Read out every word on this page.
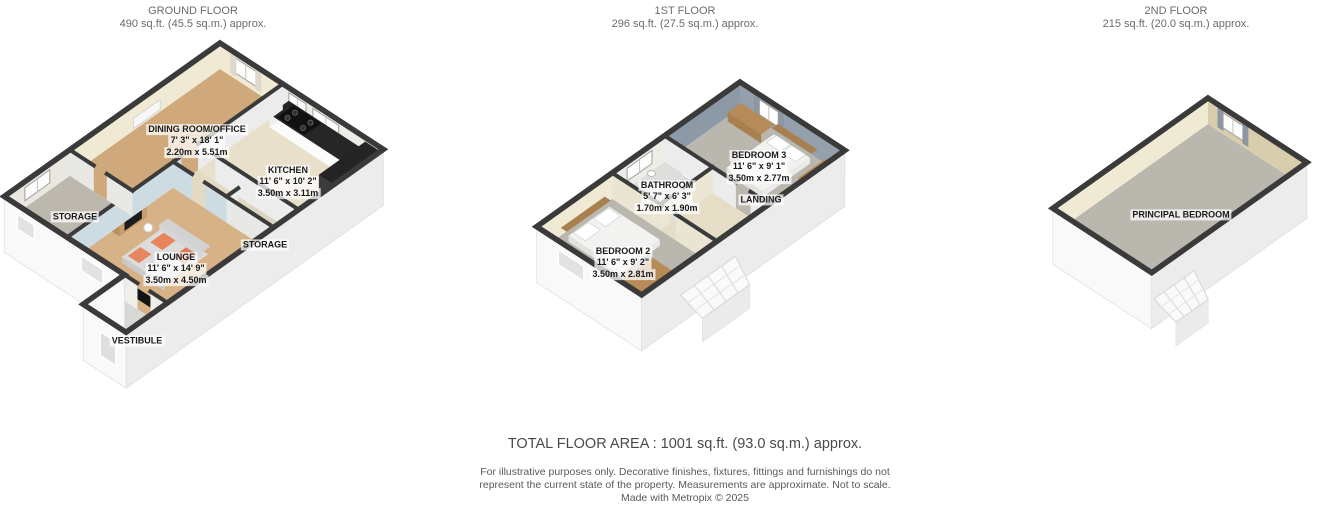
GROUND FLOOR
490 sq.ft. (45.5 sq.m.) approx.
1ST FLOOR
296 sq.ft. (27.5 sq.m.) approx.
2ND FLOOR
215 sq.ft. (20.0 sq.m.) approx.
DINING ROOM/OFFICE
7' 3" x 18' 1"
2.20m x 5.51m
KITCHEN
11' 6" x 10' 2"
3.50m x 3.11m
STORAGE
STORAGE
LOUNGE
11' 6" x 14' 9"
3.50m x 4.50m
VESTIBULE
BEDROOM 2
11' 6" x 9' 2"
3.50m x 2.81m
BATHROOM
5' 7" x 6' 3"
1.70m x 1.90m
BEDROOM 3
11' 6" x 9' 1"
3.50m x 2.77m
LANDING
PRINCIPAL BEDROOM
TOTAL FLOOR AREA : 1001 sq.ft. (93.0 sq.m.) approx.
For illustrative purposes only. Decorative finishes, fixtures, fittings and furnishings do not
represent the current state of the property. Measurements are approximate. Not to scale.
Made with Metropix © 2025
